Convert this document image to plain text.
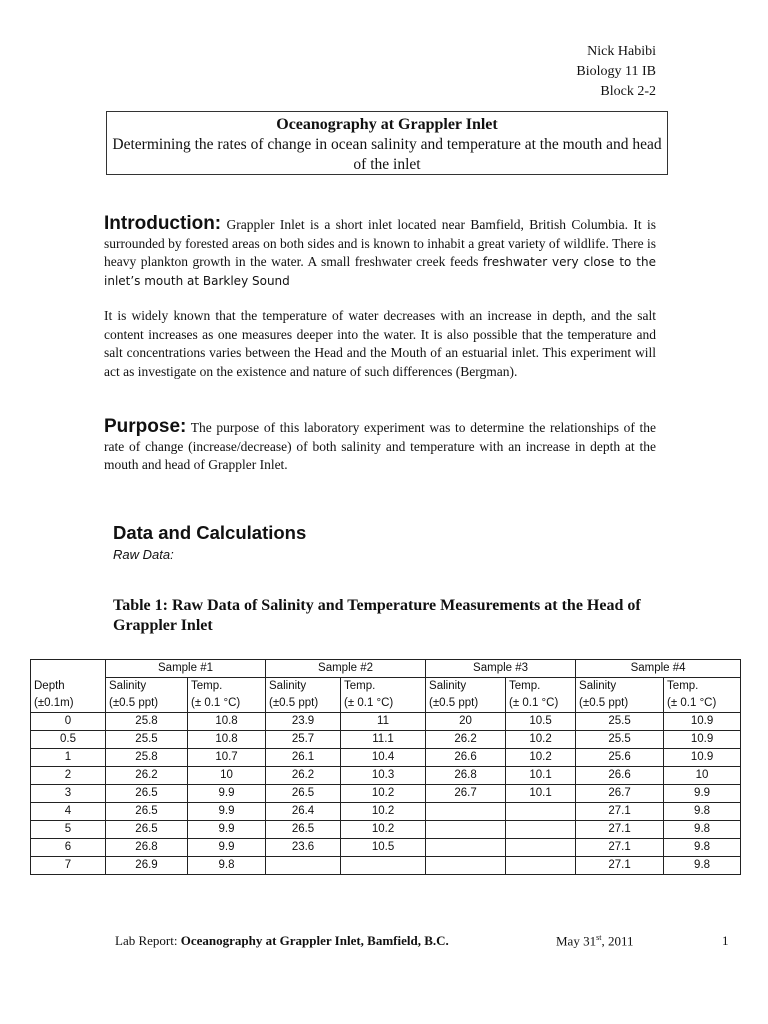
Nick Habibi
Biology 11 IB
Block 2-2
Oceanography at Grappler Inlet
Determining the rates of change in ocean salinity and temperature at the mouth and head of the inlet

Introduction: Grappler Inlet is a short inlet located near Bamfield, British Columbia. It is surrounded by forested areas on both sides and is known to inhabit a great variety of wildlife. There is heavy plankton growth in the water. A small freshwater creek feeds freshwater very close to the inlet’s mouth at Barkley Sound

It is widely known that the temperature of water decreases with an increase in depth, and the salt content increases as one measures deeper into the water. It is also possible that the temperature and salt concentrations varies between the Head and the Mouth of an estuarial inlet. This experiment will act as investigate on the existence and nature of such differences (Bergman).

Purpose: The purpose of this laboratory experiment was to determine the relationships of the rate of change (increase/decrease) of both salinity and temperature with an increase in depth at the mouth and head of Grappler Inlet.

Data and Calculations
Raw Data:
Table 1: Raw Data of Salinity and Temperature Measurements at the Head of Grappler Inlet
	Sample #1		Sample #2		Sample #3		Sample #4	
Depth	Salinity	Temp.	Salinity	Temp.	Salinity	Temp.	Salinity	Temp.
(±0.1m)	(±0.5 ppt)	(± 0.1 °C)	(±0.5 ppt)	(± 0.1 °C)	(±0.5 ppt)	(± 0.1 °C)	(±0.5 ppt)	(± 0.1 °C)
0	25.8	10.8	23.9	11	20	10.5	25.5	10.9
0.5	25.5	10.8	25.7	11.1	26.2	10.2	25.5	10.9
1	25.8	10.7	26.1	10.4	26.6	10.2	25.6	10.9
2	26.2	10	26.2	10.3	26.8	10.1	26.6	10
3	26.5	9.9	26.5	10.2	26.7	10.1	26.7	9.9
4	26.5	9.9	26.4	10.2			27.1	9.8
5	26.5	9.9	26.5	10.2			27.1	9.8
6	26.8	9.9	23.6	10.5			27.1	9.8
7	26.9	9.8					27.1	9.8
Lab Report: Oceanography at Grappler Inlet, Bamfield, B.C.	May 31st, 2011	1
